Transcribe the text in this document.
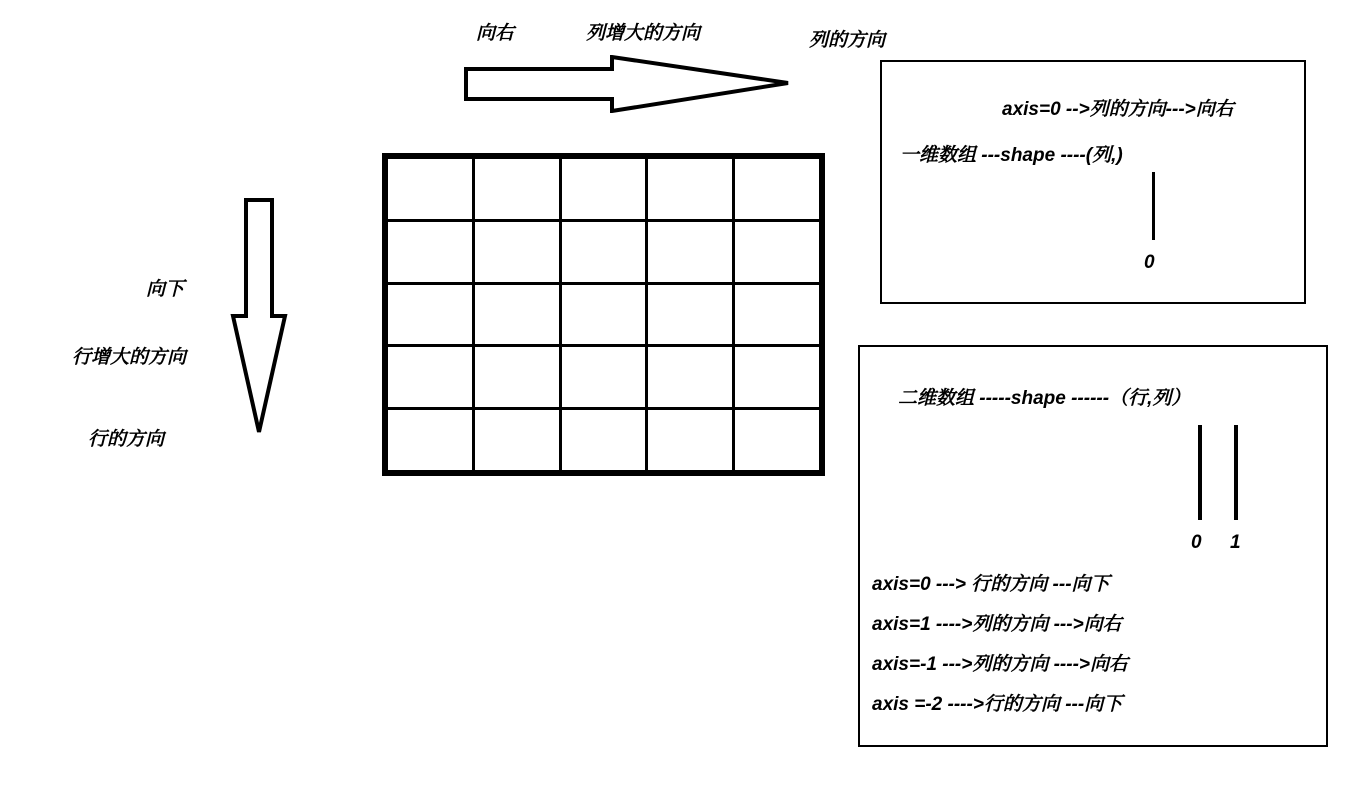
向右	列增大的方向	列的方向
向下
行增大的方向
行的方向

axis=0 -->列的方向--->向右
一维数组 ---shape ----(列,)
0
二维数组 -----shape ------（行,列）
0 1
axis=0 ---> 行的方向 ---向下
axis=1 ---->列的方向 --->向右
axis=-1 --->列的方向 ---->向右
axis =-2 ---->行的方向 ---向下
